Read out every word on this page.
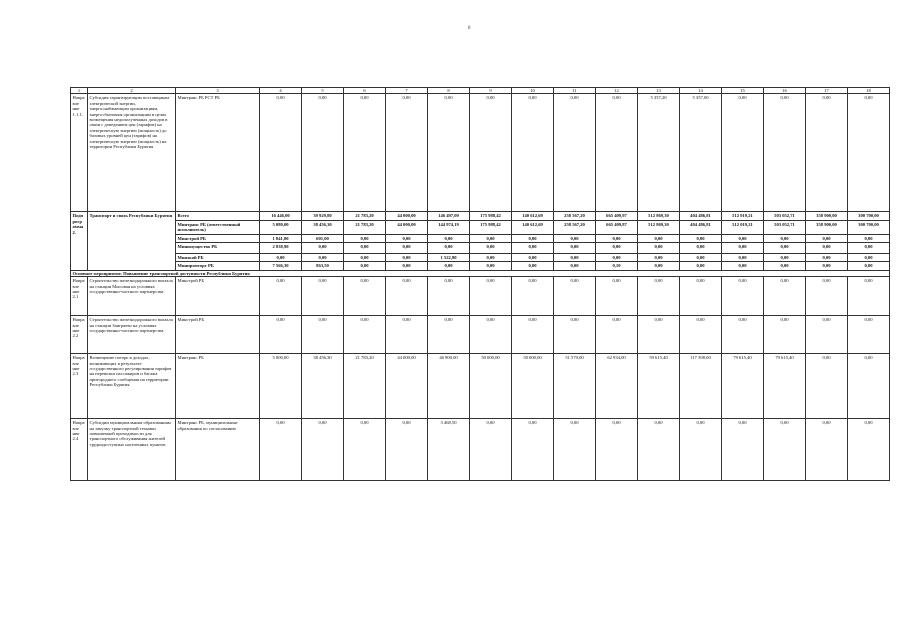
8
1	2	3	4	5	6	7	8	9	10	11	12	13	14	15	16	17	18
Направле ние 1.1.1.	Субсидия гарантирующим поставщикам электрической энергии, энергоснабжающим организациям, энергосбытовым организациям в целях возмещения недополученных доходов в связи с доведением цен (тарифов) на электрическую энергию (мощность) до базовых уровней цен (тарифов) на электрическую энергию (мощность) на территории Республики Бурятия	Минтранс РБ РСТ РБ	0,00	0,00	0,00	0,00	0,00	0,00	0,00	0,00	0,00	5 357,20	5 357,00	0,00	0,00	0,00	0,00
Подпрогр амма 2.	Транспорт и связь Республики Бурятия	Всего	16 446,00	39 929,80	21 783,20	44 000,00	146 497,09	175 988,42	140 612,69	258 567,20	665 409,97	512 869,30	404 486,81	512 019,21	503 052,71	358 900,00	300 700,00
		Минтранс РБ (ответственный исполнитель)	5 080,00	38 456,30	21 783,20	44 000,00	144 974,19	175 988,42	140 612,69	258 567,20	665 409,87	512 869,30	404 486,81	512 019,21	503 052,71	358 900,00	300 700,00
		Минстрой РБ	1 041,00	601,00	0,00	0,00	0,00	0,00	0,00	0,00	0,00	0,00	0,00	0,00	0,00	0,00	0,00
		Минимущество РБ	2 838,90	0,00	0,00	0,00	0,00	0,00	0,00	0,00	0,00	0,00	0,00	0,00	0,00	0,00	0,00
		Минэкой РБ	0,00	0,00	0,00	0,00	1 522,80	0,00	0,00	0,00	0,00	0,00	0,00	0,00	0,00	0,00	0,00
		Минпромторг РБ	7 566,30	863,50	0,00	0,00	0,00	0,00	0,00	0,00	0,10	0,00	0,00	0,00	0,00	0,00	0,00
Основное мероприятие. Повышение транспортной доступности Республики Бурятия																	
Направле ние 2.1	Строительство железнодорожного вокзала на станции Мысовая на условиях государственно-частного партнерства	Минстрой РБ	0,00	0,00	0,00	0,00	0,00	0,00	0,00	0,00	0,00	0,00	0,00	0,00	0,00	0,00	0,00
Направле ние 2.2	Строительство железнодорожного вокзала на станции Заиграево на условиях государственно-частного партнерства	Минстрой РБ	0,00	0,00	0,00	0,00	0,00	0,00	0,00	0,00	0,00	0,00	0,00	0,00	0,00	0,00	0,00
Направле ние 2.3	Возмещение потерь в доходах, возникающих в результате государственного регулирования тарифов на перевозки пассажиров и багажа пригородного сообщения на территории Республики Бурятия	Минтранс РБ	5 000,00	38 456,30	21 783,20	44 000,00	46 900,00	50 000,00	50 000,00	51 570,00	62 934,00	59 615,40	117 398,00	79 615,40	79 615,40	0,00	0,00
Направле ние 2.4	Субсидии муниципальным образованиям на закупку транспортной техники повышенной проходимости для транспортного обслуживания жителей труднодоступных населенных пунктов	Минтранс РБ, муниципальные образования по согласованию	0,00	0,00	0,00	0,00	3 468,50	0,00	0,00	0,00	0,00	0,00	0,00	0,00	0,00	0,00	0,00
